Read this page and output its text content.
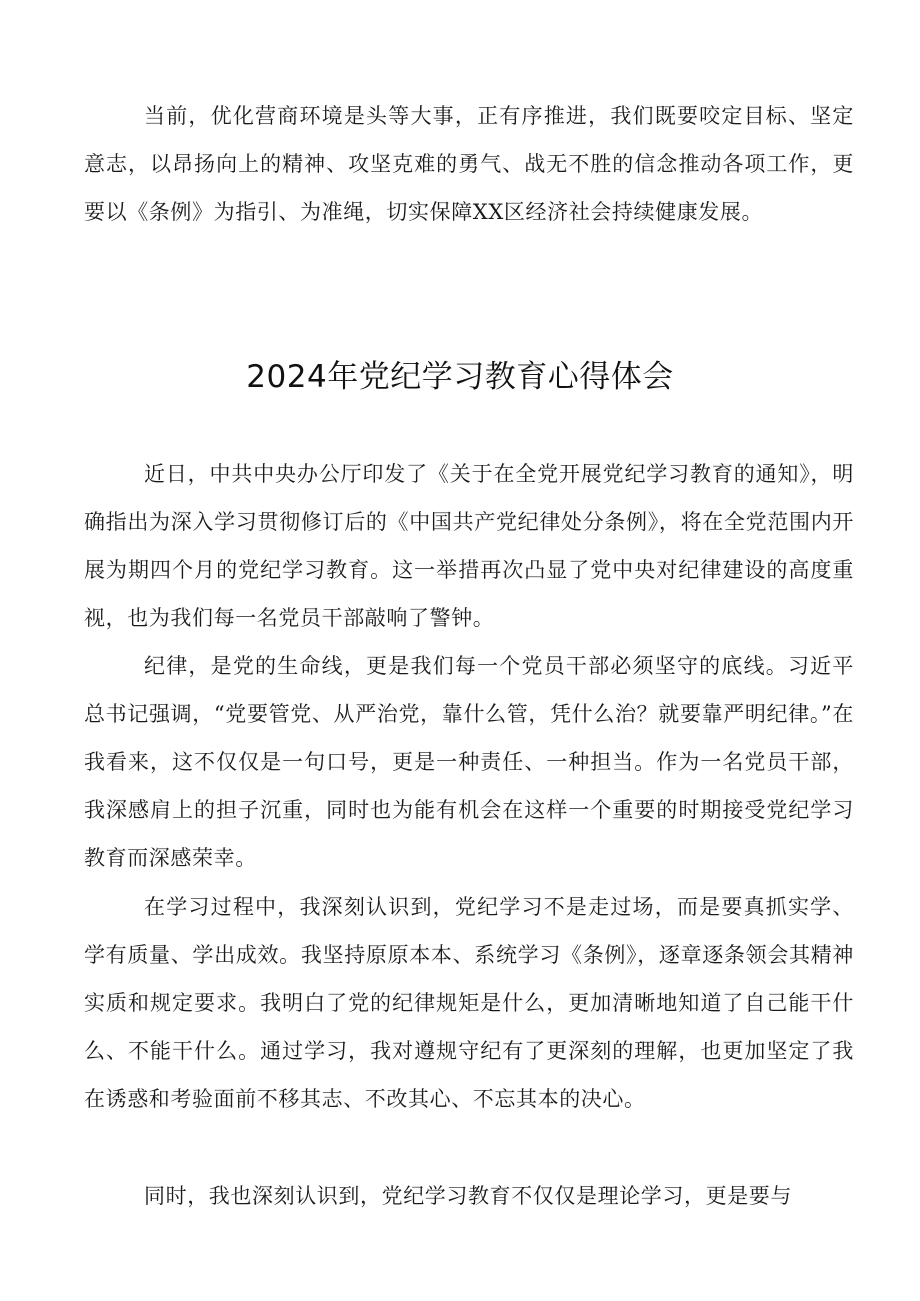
当前，优化营商环境是头等大事，正有序推进，我们既要咬定目标、坚定意志，以昂扬向上的精神、攻坚克难的勇气、战无不胜的信念推动各项工作，更要以《条例》为指引、为准绳，切实保障XX区经济社会持续健康发展。

2024年党纪学习教育心得体会

近日，中共中央办公厅印发了《关于在全党开展党纪学习教育的通知》，明确指出为深入学习贯彻修订后的《中国共产党纪律处分条例》，将在全党范围内开展为期四个月的党纪学习教育。这一举措再次凸显了党中央对纪律建设的高度重视，也为我们每一名党员干部敲响了警钟。

纪律，是党的生命线，更是我们每一个党员干部必须坚守的底线。习近平总书记强调，“党要管党、从严治党，靠什么管，凭什么治？就要靠严明纪律。”在我看来，这不仅仅是一句口号，更是一种责任、一种担当。作为一名党员干部，我深感肩上的担子沉重，同时也为能有机会在这样一个重要的时期接受党纪学习教育而深感荣幸。

在学习过程中，我深刻认识到，党纪学习不是走过场，而是要真抓实学、学有质量、学出成效。我坚持原原本本、系统学习《条例》，逐章逐条领会其精神实质和规定要求。我明白了党的纪律规矩是什么，更加清晰地知道了自己能干什么、不能干什么。通过学习，我对遵规守纪有了更深刻的理解，也更加坚定了我在诱惑和考验面前不移其志、不改其心、不忘其本的决心。

同时，我也深刻认识到，党纪学习教育不仅仅是理论学习，更是要与
